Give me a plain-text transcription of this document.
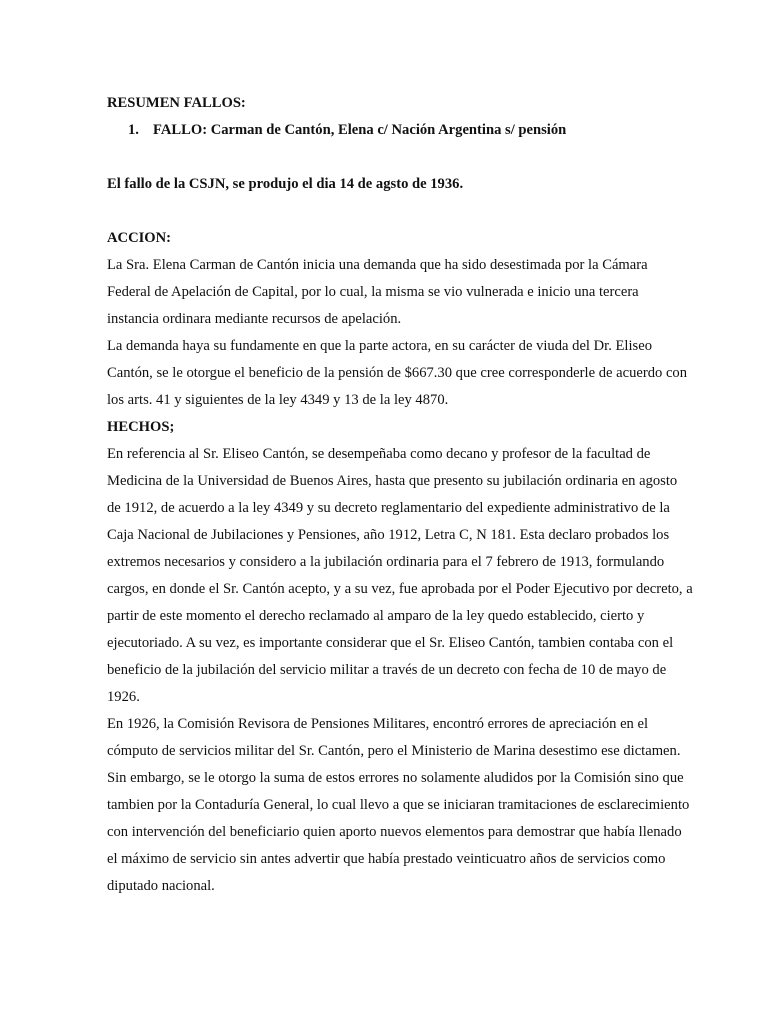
RESUMEN FALLOS:
1. FALLO: Carman de Cantón, Elena c/ Nación Argentina s/ pensión
El fallo de la CSJN, se produjo el dia 14 de agsto de 1936.
ACCION:
La Sra. Elena Carman de Cantón inicia una demanda que ha sido desestimada por la Cámara
Federal de Apelación de Capital, por lo cual, la misma se vio vulnerada e inicio una tercera
instancia ordinara mediante recursos de apelación.
La demanda haya su fundamente en que la parte actora, en su carácter de viuda del Dr. Eliseo
Cantón, se le otorgue el beneficio de la pensión de $667.30 que cree corresponderle de acuerdo con
los arts. 41 y siguientes de la ley 4349 y 13 de la ley 4870.
HECHOS;
En referencia al Sr. Eliseo Cantón, se desempeñaba como decano y profesor de la facultad de
Medicina de la Universidad de Buenos Aires, hasta que presento su jubilación ordinaria en agosto
de 1912, de acuerdo a la ley 4349 y su decreto reglamentario del expediente administrativo de la
Caja Nacional de Jubilaciones y Pensiones, año 1912, Letra C, N 181. Esta declaro probados los
extremos necesarios y considero a la jubilación ordinaria para el 7 febrero de 1913, formulando
cargos, en donde el Sr. Cantón acepto, y a su vez, fue aprobada por el Poder Ejecutivo por decreto, a
partir de este momento el derecho reclamado al amparo de la ley quedo establecido, cierto y
ejecutoriado. A su vez, es importante considerar que el Sr. Eliseo Cantón, tambien contaba con el
beneficio de la jubilación del servicio militar a través de un decreto con fecha de 10 de mayo de
1926.
En 1926, la Comisión Revisora de Pensiones Militares, encontró errores de apreciación en el
cómputo de servicios militar del Sr. Cantón, pero el Ministerio de Marina desestimo ese dictamen.
Sin embargo, se le otorgo la suma de estos errores no solamente aludidos por la Comisión sino que
tambien por la Contaduría General, lo cual llevo a que se iniciaran tramitaciones de esclarecimiento
con intervención del beneficiario quien aporto nuevos elementos para demostrar que había llenado
el máximo de servicio sin antes advertir que había prestado veinticuatro años de servicios como
diputado nacional.
